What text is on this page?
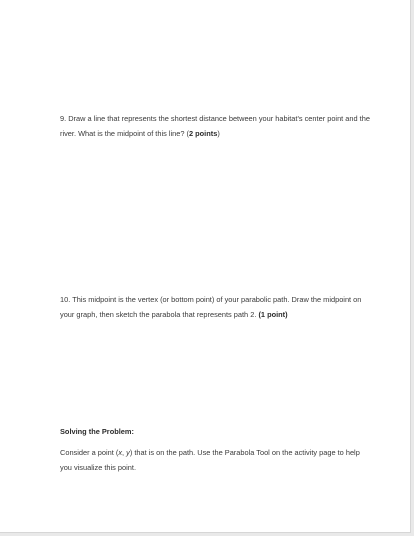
9. Draw a line that represents the shortest distance between your habitat's center point and the river. What is the midpoint of this line? (2 points)

10. This midpoint is the vertex (or bottom point) of your parabolic path. Draw the midpoint on your graph, then sketch the parabola that represents path 2. (1 point)

Solving the Problem:

Consider a point (x, y) that is on the path. Use the Parabola Tool on the activity page to help you visualize this point.
